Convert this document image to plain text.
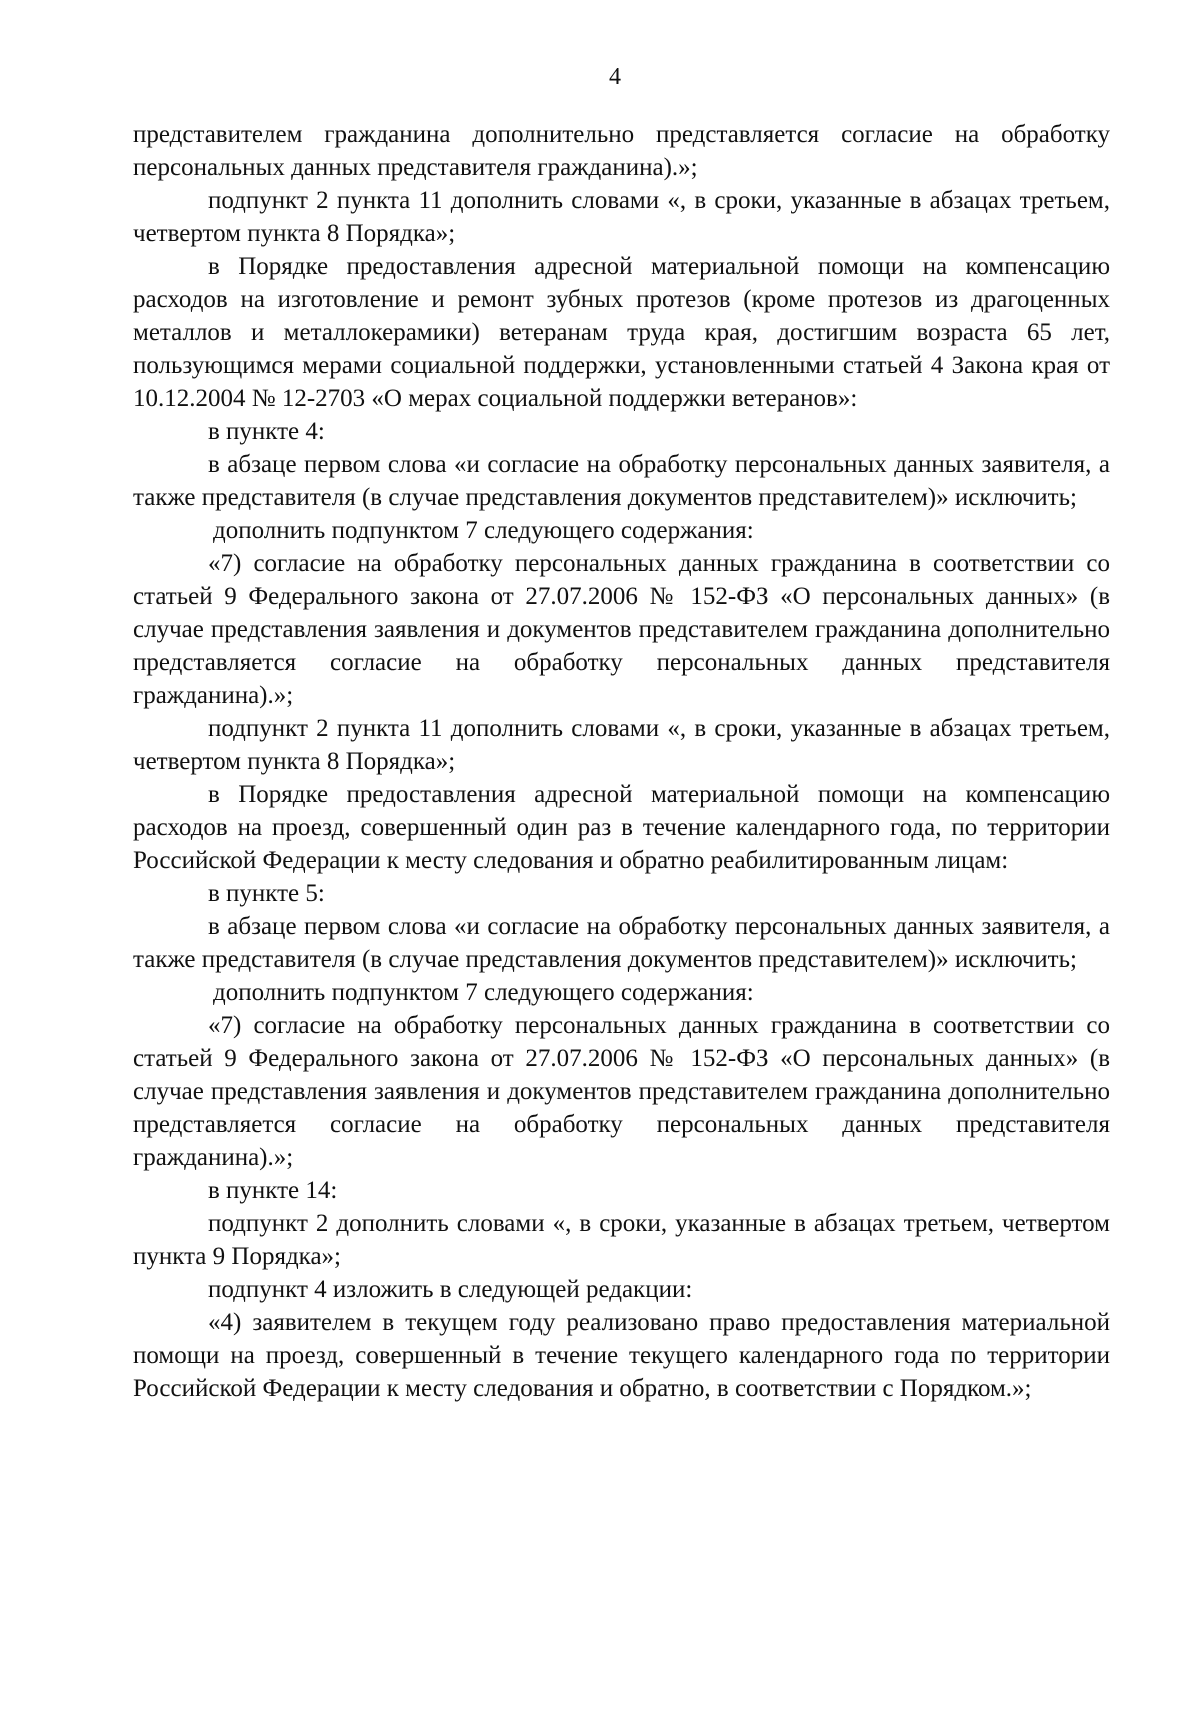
4

представителем гражданина дополнительно представляется согласие на обработку персональных данных представителя гражданина).»;

подпункт 2 пункта 11 дополнить словами «, в сроки, указанные в абзацах третьем, четвертом пункта 8 Порядка»;

в Порядке предоставления адресной материальной помощи на компенсацию расходов на изготовление и ремонт зубных протезов (кроме протезов из драгоценных металлов и металлокерамики) ветеранам труда края, достигшим возраста 65 лет, пользующимся мерами социальной поддержки, установленными статьей 4 Закона края от 10.12.2004 № 12-2703 «О мерах социальной поддержки ветеранов»:

в пункте 4:

в абзаце первом слова «и согласие на обработку персональных данных заявителя, а также представителя (в случае представления документов представителем)» исключить;

дополнить подпунктом 7 следующего содержания:

«7) согласие на обработку персональных данных гражданина в соответствии со статьей 9 Федерального закона от 27.07.2006 № 152-ФЗ «О персональных данных» (в случае представления заявления и документов представителем гражданина дополнительно представляется согласие на обработку персональных данных представителя гражданина).»;

подпункт 2 пункта 11 дополнить словами «, в сроки, указанные в абзацах третьем, четвертом пункта 8 Порядка»;

в Порядке предоставления адресной материальной помощи на компенсацию расходов на проезд, совершенный один раз в течение календарного года, по территории Российской Федерации к месту следования и обратно реабилитированным лицам:

в пункте 5:

в абзаце первом слова «и согласие на обработку персональных данных заявителя, а также представителя (в случае представления документов представителем)» исключить;

дополнить подпунктом 7 следующего содержания:

«7) согласие на обработку персональных данных гражданина в соответствии со статьей 9 Федерального закона от 27.07.2006 № 152-ФЗ «О персональных данных» (в случае представления заявления и документов представителем гражданина дополнительно представляется согласие на обработку персональных данных представителя гражданина).»;

в пункте 14:

подпункт 2 дополнить словами «, в сроки, указанные в абзацах третьем, четвертом пункта 9 Порядка»;

подпункт 4 изложить в следующей редакции:

«4) заявителем в текущем году реализовано право предоставления материальной помощи на проезд, совершенный в течение текущего календарного года по территории Российской Федерации к месту следования и обратно, в соответствии с Порядком.»;
